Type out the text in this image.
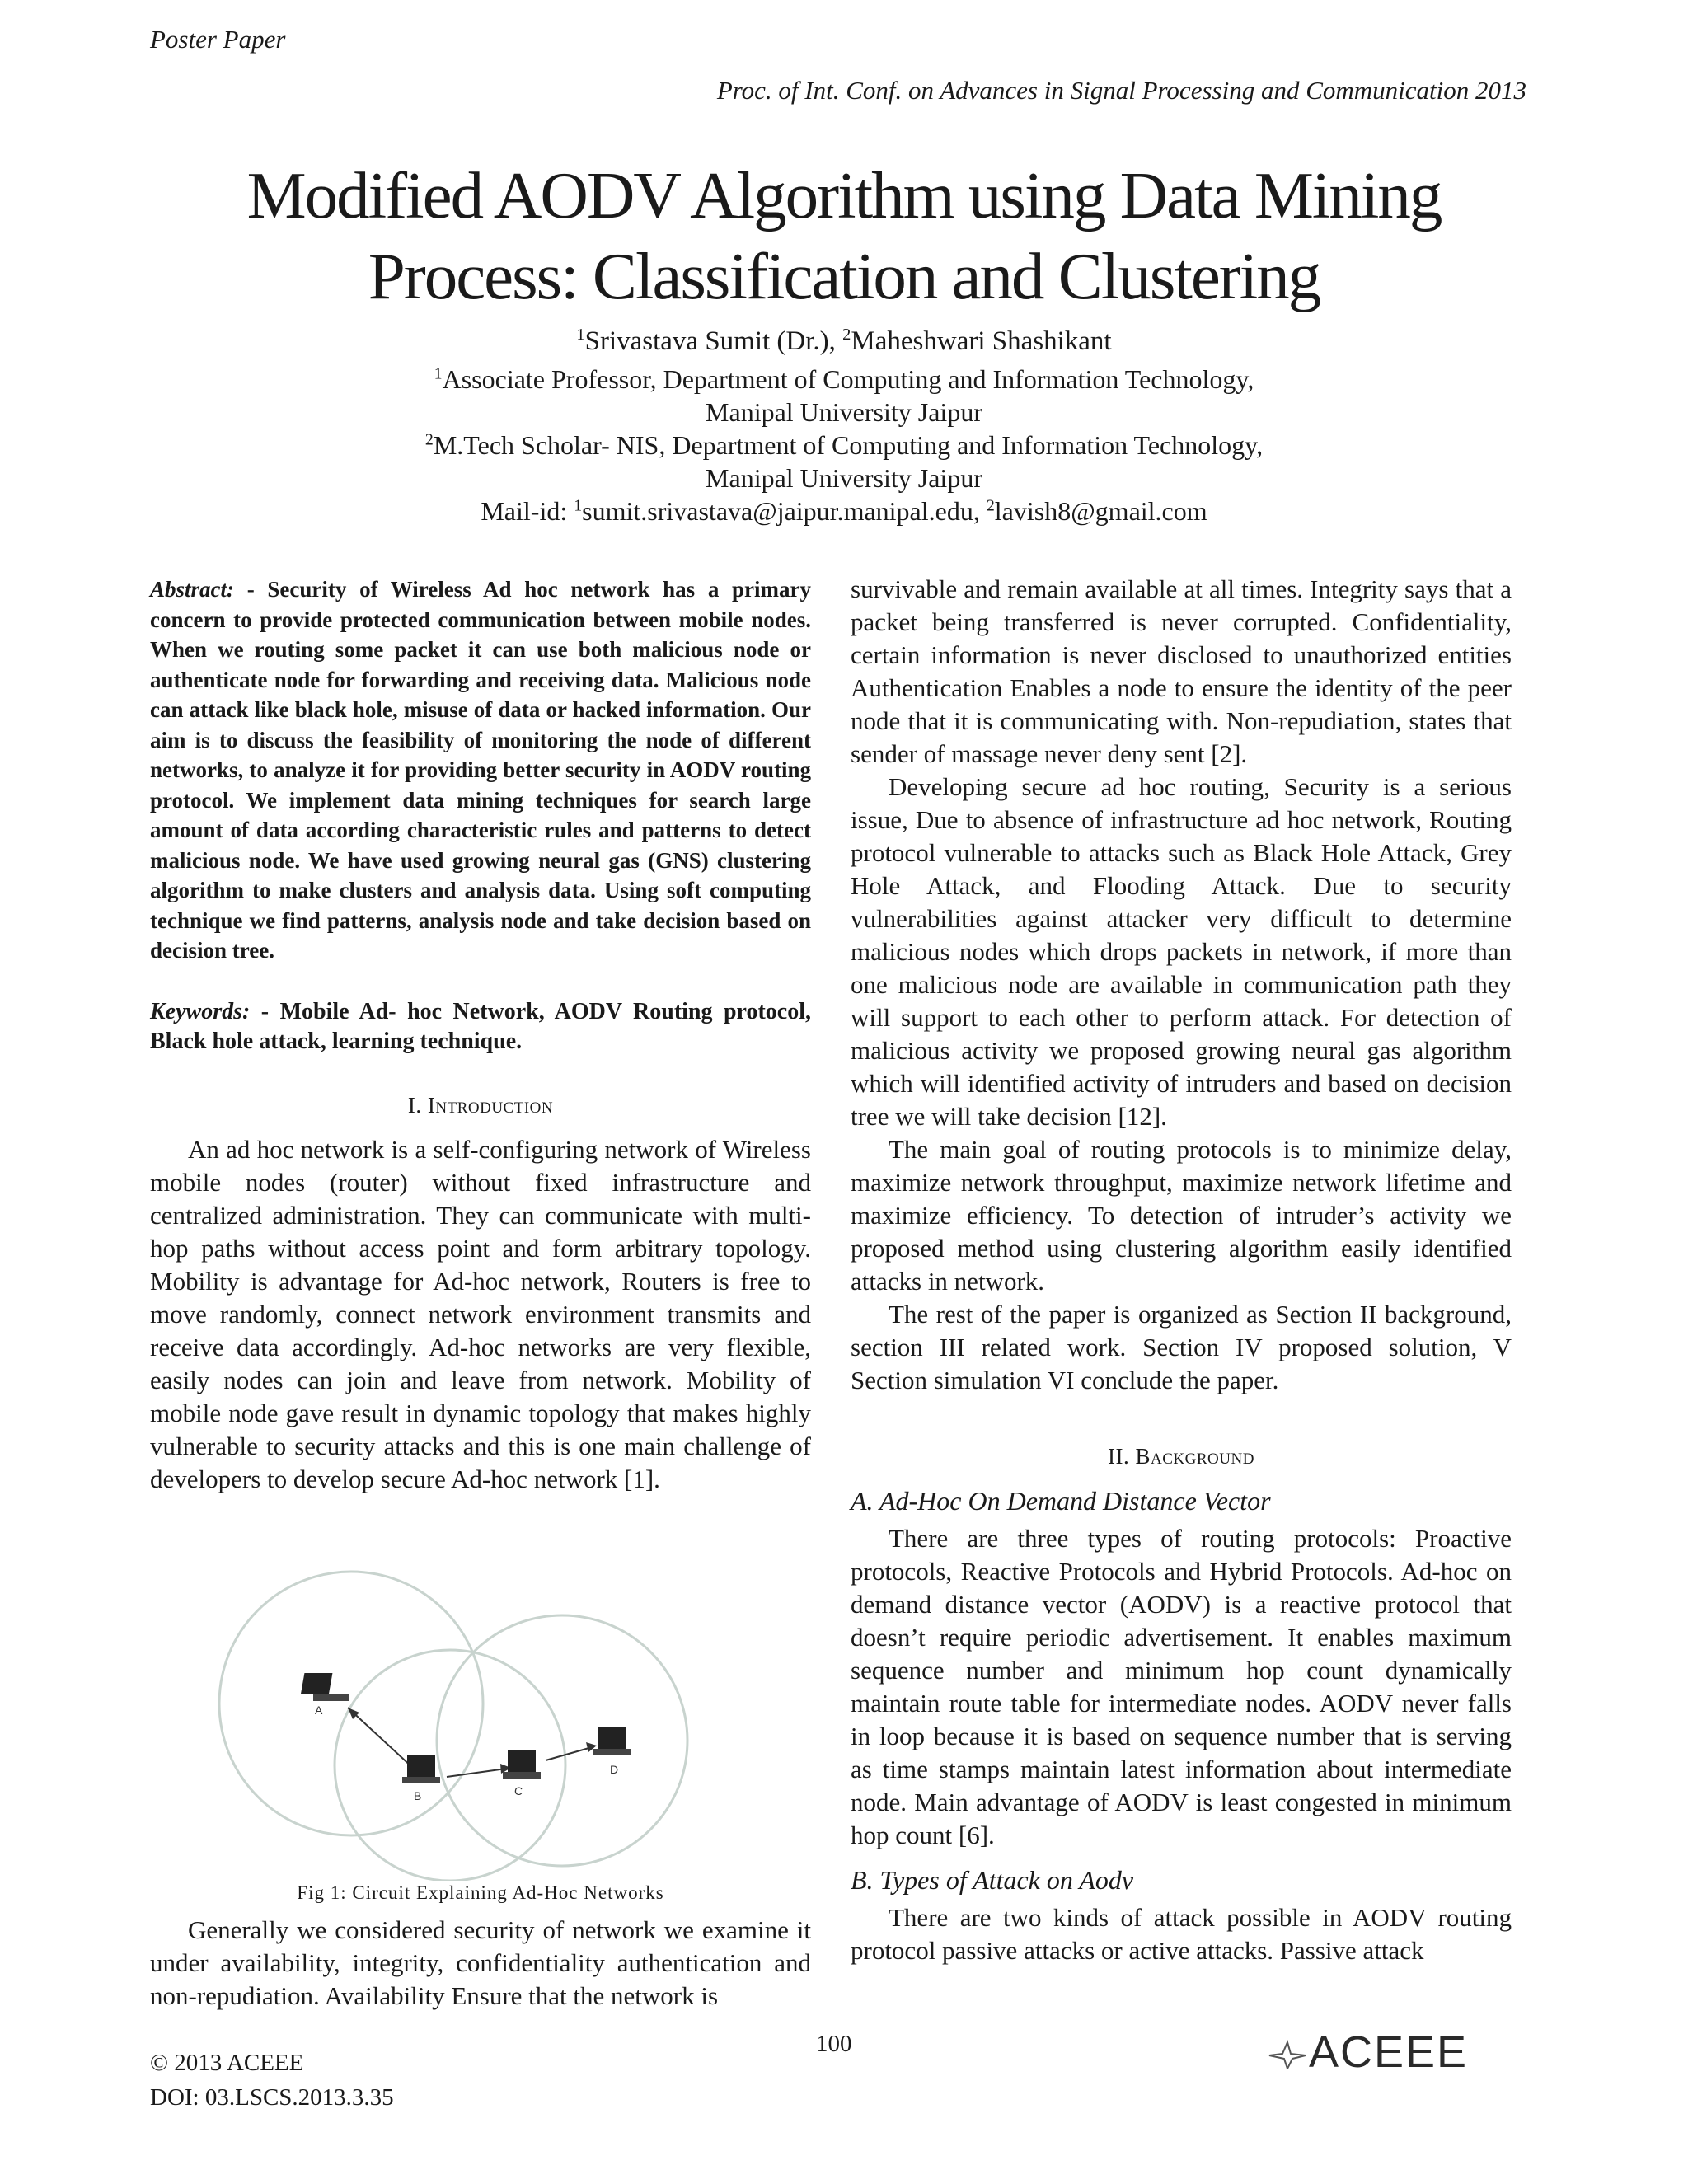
Poster Paper
Proc. of Int. Conf. on Advances in Signal Processing and Communication 2013
Modified AODV Algorithm using Data Mining
Process: Classification and Clustering
$^1$Srivastava Sumit (Dr.), $^2$Maheshwari Shashikant
$^1$Associate Professor, Department of Computing and Information Technology,
Manipal University Jaipur
$^2$M.Tech Scholar- NIS, Department of Computing and Information Technology,
Manipal University Jaipur
Mail-id: $^1$sumit.srivastava@jaipur.manipal.edu, $^2$lavish8@gmail.com

Abstract: - Security of Wireless Ad hoc network has a primary concern to provide protected communication between mobile nodes. When we routing some packet it can use both malicious node or authenticate node for forwarding and receiving data. Malicious node can attack like black hole, misuse of data or hacked information. Our aim is to discuss the feasibility of monitoring the node of different networks, to analyze it for providing better security in AODV routing protocol. We implement data mining techniques for search large amount of data according characteristic rules and patterns to detect malicious node. We have used growing neural gas (GNS) clustering algorithm to make clusters and analysis data. Using soft computing technique we find patterns, analysis node and take decision based on decision tree.

Keywords: - Mobile Ad- hoc Network, AODV Routing protocol, Black hole attack, learning technique.

I. Introduction

An ad hoc network is a self-configuring network of Wireless mobile nodes (router) without fixed infrastructure and centralized administration. They can communicate with multi-hop paths without access point and form arbitrary topology. Mobility is advantage for Ad-hoc network, Routers is free to move randomly, connect network environment transmits and receive data accordingly. Ad-hoc networks are very flexible, easily nodes can join and leave from network. Mobility of mobile node gave result in dynamic topology that makes highly vulnerable to security attacks and this is one main challenge of developers to develop secure Ad-hoc network [1].

A
B	C
D
Fig 1: Circuit Explaining Ad-Hoc Networks

Generally we considered security of network we examine it under availability, integrity, confidentiality authentication and non-repudiation. Availability Ensure that the network is

survivable and remain available at all times. Integrity says that a packet being transferred is never corrupted. Confidentiality, certain information is never disclosed to unauthorized entities Authentication Enables a node to ensure the identity of the peer node that it is communicating with. Non-repudiation, states that sender of massage never deny sent [2].

Developing secure ad hoc routing, Security is a serious issue, Due to absence of infrastructure ad hoc network, Routing protocol vulnerable to attacks such as Black Hole Attack, Grey Hole Attack, and Flooding Attack. Due to security vulnerabilities against attacker very difficult to determine malicious nodes which drops packets in network, if more than one malicious node are available in communication path they will support to each other to perform attack. For detection of malicious activity we proposed growing neural gas algorithm which will identified activity of intruders and based on decision tree we will take decision [12].

The main goal of routing protocols is to minimize delay, maximize network throughput, maximize network lifetime and maximize efficiency. To detection of intruder’s activity we proposed method using clustering algorithm easily identified attacks in network.

The rest of the paper is organized as Section II background, section III related work. Section IV proposed solution, V Section simulation VI conclude the paper.

II. Background

A. Ad-Hoc On Demand Distance Vector

There are three types of routing protocols: Proactive protocols, Reactive Protocols and Hybrid Protocols. Ad-hoc on demand distance vector (AODV) is a reactive protocol that doesn’t require periodic advertisement. It enables maximum sequence number and minimum hop count dynamically maintain route table for intermediate nodes. AODV never falls in loop because it is based on sequence number that is serving as time stamps maintain latest information about intermediate node. Main advantage of AODV is least congested in minimum hop count [6].

B. Types of Attack on Aodv

There are two kinds of attack possible in AODV routing protocol passive attacks or active attacks. Passive attack

© 2013 ACEEE
DOI: 03.LSCS.2013.3.35
100	ACEEE
